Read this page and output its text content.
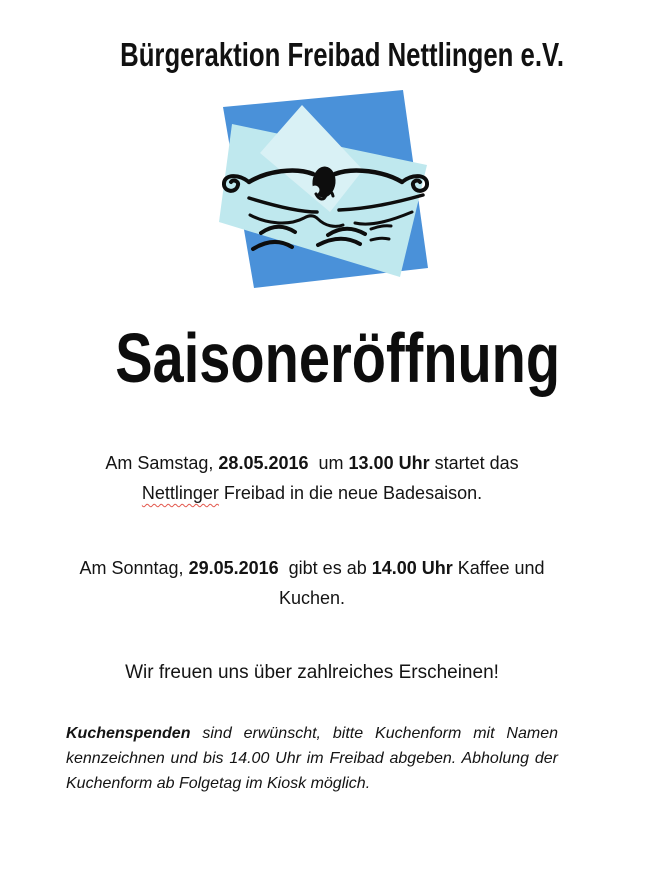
Bürgeraktion Freibad Nettlingen e.V.
Saisoneröffnung

Am Samstag, 28.05.2016  um 13.00 Uhr startet das
Nettlinger Freibad in die neue Badesaison.

Am Sonntag, 29.05.2016  gibt es ab 14.00 Uhr Kaffee und
Kuchen.

Wir freuen uns über zahlreiches Erscheinen!

Kuchenspenden sind erwünscht, bitte Kuchenform mit Namen
kennzeichnen und bis 14.00 Uhr im Freibad abgeben. Abholung der
Kuchenform ab Folgetag im Kiosk möglich.
